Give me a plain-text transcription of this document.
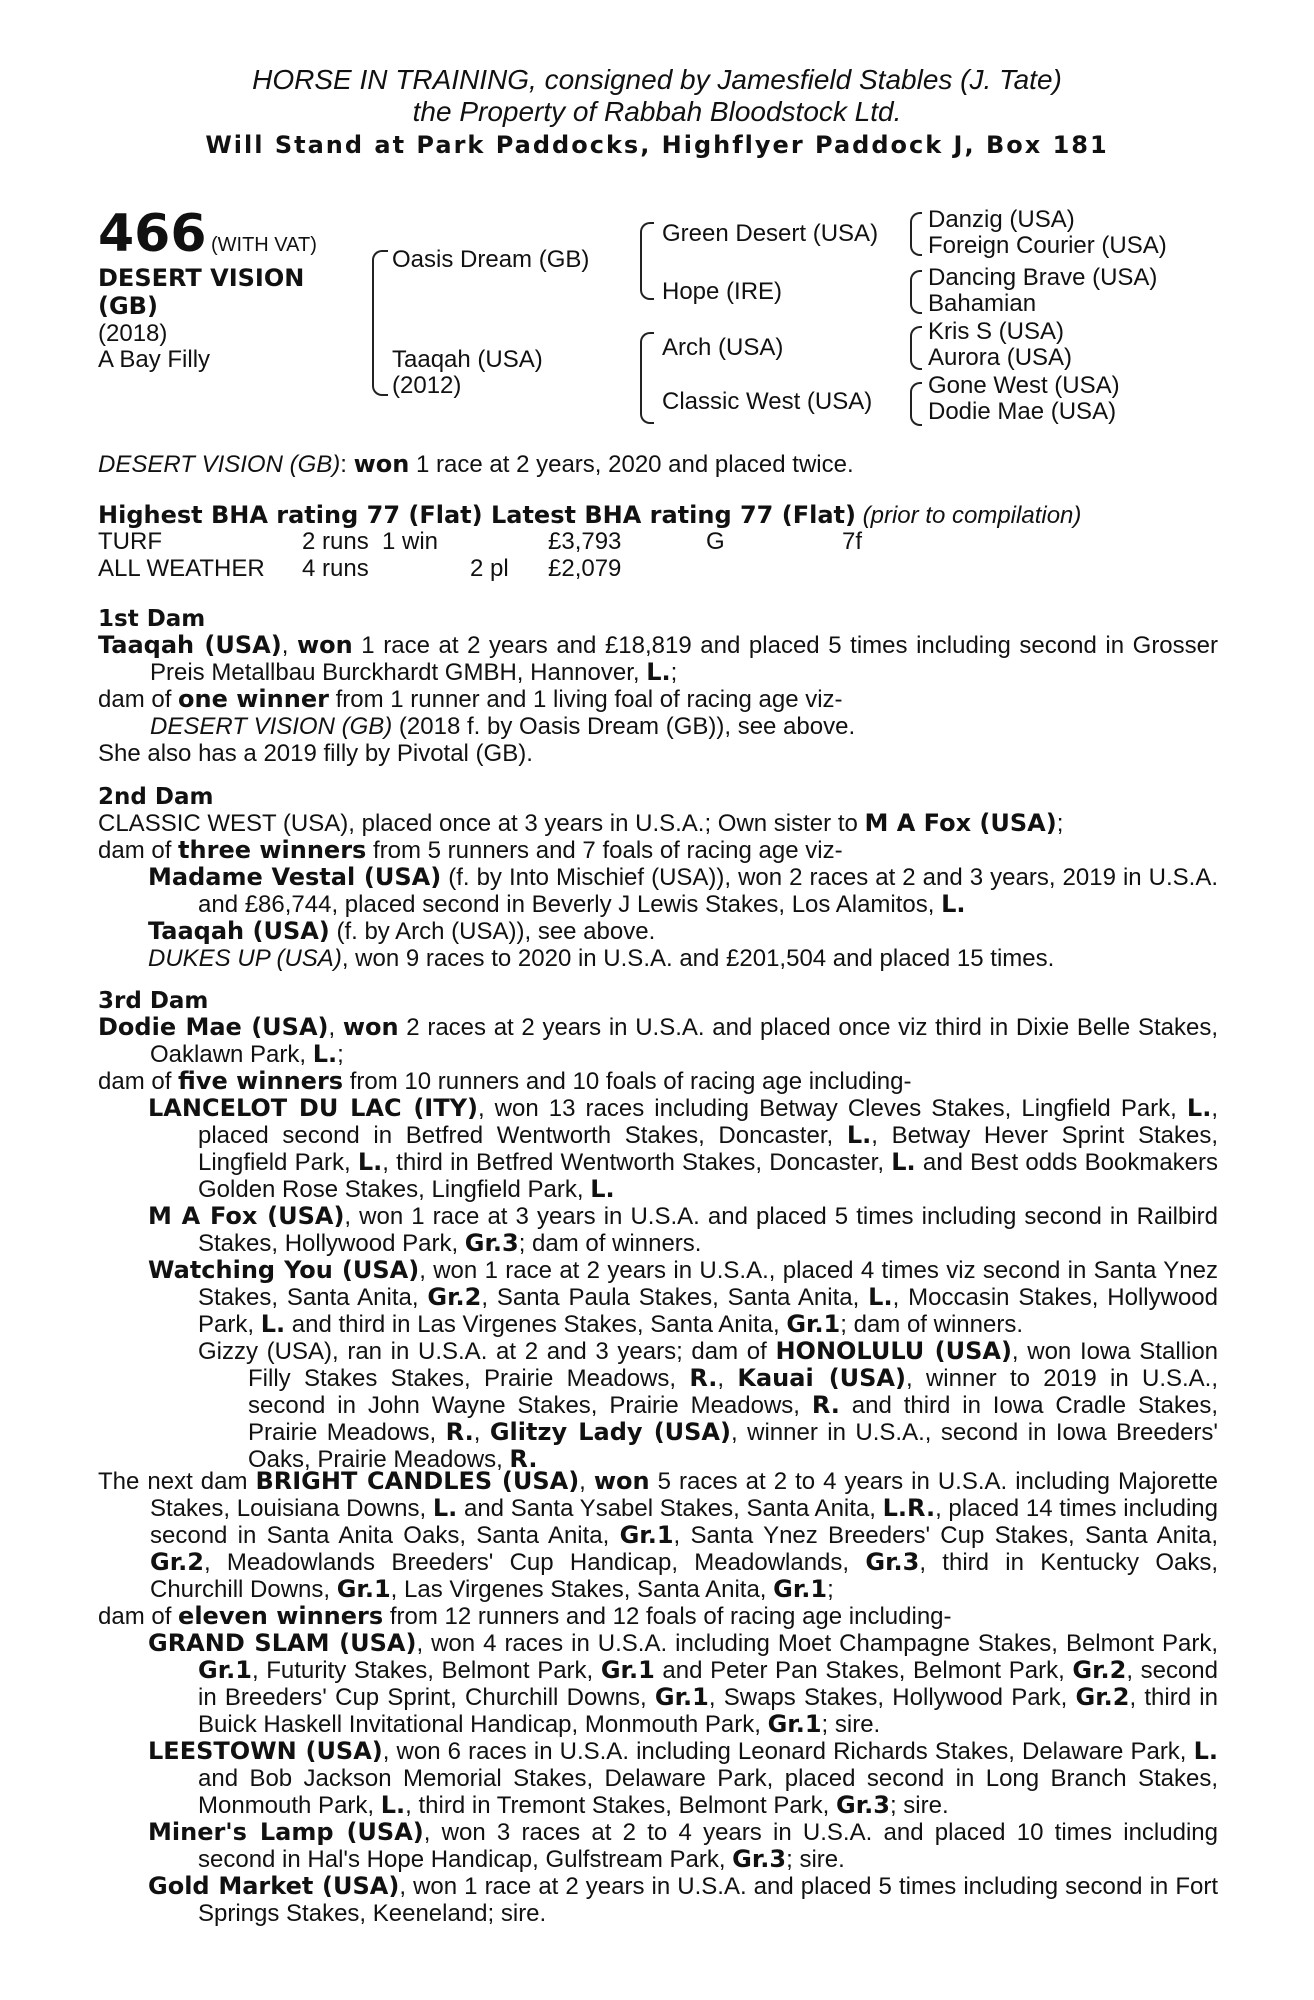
HORSE IN TRAINING, consigned by Jamesfield Stables (J. Tate)
the Property of Rabbah Bloodstock Ltd.
Will Stand at Park Paddocks, Highflyer Paddock J, Box 181
466 (WITH VAT)
DESERT VISION
(GB)
(2018)
A Bay Filly
Oasis Dream (GB)
Taaqah (USA)
(2012)
Green Desert (USA)
Hope (IRE)
Arch (USA)
Classic West (USA)
Danzig (USA)
Foreign Courier (USA)
Dancing Brave (USA)
Bahamian
Kris S (USA)
Aurora (USA)
Gone West (USA)
Dodie Mae (USA)
DESERT VISION (GB): won 1 race at 2 years, 2020 and placed twice.
Highest BHA rating 77 (Flat) Latest BHA rating 77 (Flat) (prior to compilation)
TURF	2 runs 1 win	£3,793	G	7f
ALL WEATHER 4 runs	2 pl £2,079
1st Dam
Taaqah (USA), won 1 race at 2 years and £18,819 and placed 5 times including second in Grosser Preis Metallbau Burckhardt GMBH, Hannover, L.;
dam of one winner from 1 runner and 1 living foal of racing age viz-
DESERT VISION (GB) (2018 f. by Oasis Dream (GB)), see above.
She also has a 2019 filly by Pivotal (GB).
2nd Dam
CLASSIC WEST (USA), placed once at 3 years in U.S.A.; Own sister to M A Fox (USA);
dam of three winners from 5 runners and 7 foals of racing age viz-
Madame Vestal (USA) (f. by Into Mischief (USA)), won 2 races at 2 and 3 years, 2019 in U.S.A. and £86,744, placed second in Beverly J Lewis Stakes, Los Alamitos, L.
Taaqah (USA) (f. by Arch (USA)), see above.
DUKES UP (USA), won 9 races to 2020 in U.S.A. and £201,504 and placed 15 times.
3rd Dam
Dodie Mae (USA), won 2 races at 2 years in U.S.A. and placed once viz third in Dixie Belle Stakes, Oaklawn Park, L.;
dam of five winners from 10 runners and 10 foals of racing age including-
LANCELOT DU LAC (ITY), won 13 races including Betway Cleves Stakes, Lingfield Park, L., placed second in Betfred Wentworth Stakes, Doncaster, L., Betway Hever Sprint Stakes, Lingfield Park, L., third in Betfred Wentworth Stakes, Doncaster, L. and Best odds Bookmakers Golden Rose Stakes, Lingfield Park, L.
M A Fox (USA), won 1 race at 3 years in U.S.A. and placed 5 times including second in Railbird Stakes, Hollywood Park, Gr.3; dam of winners.
Watching You (USA), won 1 race at 2 years in U.S.A., placed 4 times viz second in Santa Ynez Stakes, Santa Anita, Gr.2, Santa Paula Stakes, Santa Anita, L., Moccasin Stakes, Hollywood Park, L. and third in Las Virgenes Stakes, Santa Anita, Gr.1; dam of winners.
Gizzy (USA), ran in U.S.A. at 2 and 3 years; dam of HONOLULU (USA), won Iowa Stallion Filly Stakes Stakes, Prairie Meadows, R., Kauai (USA), winner to 2019 in U.S.A., second in John Wayne Stakes, Prairie Meadows, R. and third in Iowa Cradle Stakes, Prairie Meadows, R., Glitzy Lady (USA), winner in U.S.A., second in Iowa Breeders' Oaks, Prairie Meadows, R.
The next dam BRIGHT CANDLES (USA), won 5 races at 2 to 4 years in U.S.A. including Majorette Stakes, Louisiana Downs, L. and Santa Ysabel Stakes, Santa Anita, L.R., placed 14 times including second in Santa Anita Oaks, Santa Anita, Gr.1, Santa Ynez Breeders' Cup Stakes, Santa Anita, Gr.2, Meadowlands Breeders' Cup Handicap, Meadowlands, Gr.3, third in Kentucky Oaks, Churchill Downs, Gr.1, Las Virgenes Stakes, Santa Anita, Gr.1;
dam of eleven winners from 12 runners and 12 foals of racing age including-
GRAND SLAM (USA), won 4 races in U.S.A. including Moet Champagne Stakes, Belmont Park, Gr.1, Futurity Stakes, Belmont Park, Gr.1 and Peter Pan Stakes, Belmont Park, Gr.2, second in Breeders' Cup Sprint, Churchill Downs, Gr.1, Swaps Stakes, Hollywood Park, Gr.2, third in Buick Haskell Invitational Handicap, Monmouth Park, Gr.1; sire.
LEESTOWN (USA), won 6 races in U.S.A. including Leonard Richards Stakes, Delaware Park, L. and Bob Jackson Memorial Stakes, Delaware Park, placed second in Long Branch Stakes, Monmouth Park, L., third in Tremont Stakes, Belmont Park, Gr.3; sire.
Miner's Lamp (USA), won 3 races at 2 to 4 years in U.S.A. and placed 10 times including second in Hal's Hope Handicap, Gulfstream Park, Gr.3; sire.
Gold Market (USA), won 1 race at 2 years in U.S.A. and placed 5 times including second in Fort Springs Stakes, Keeneland; sire.
